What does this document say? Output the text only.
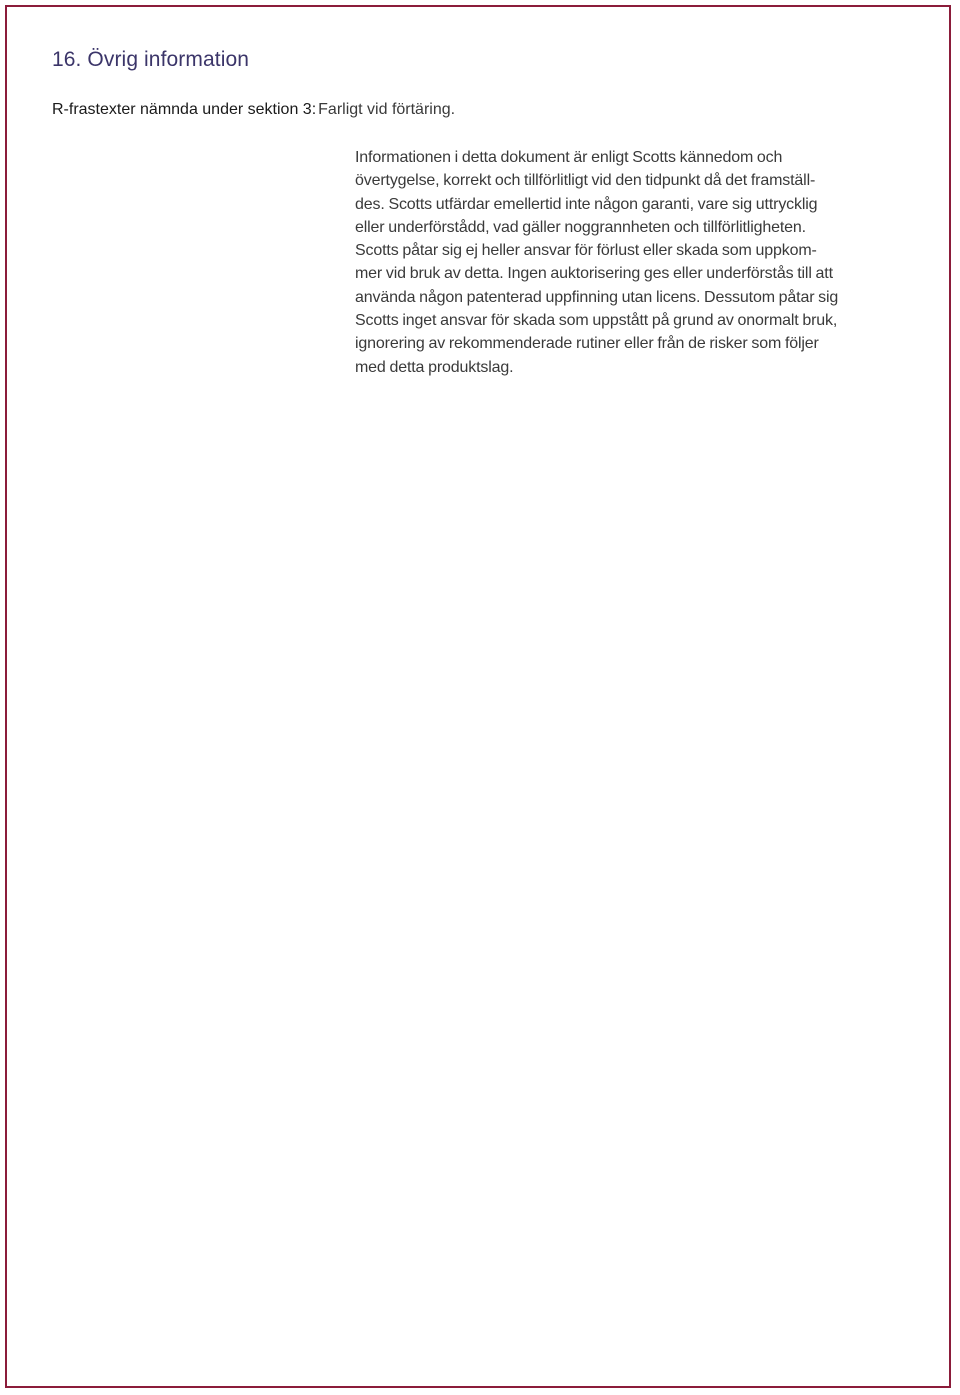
16. Övrig information
R-frastexter nämnda under sektion 3: Farligt vid förtäring.

Informationen i detta dokument är enligt Scotts kännedom och
övertygelse, korrekt och tillförlitligt vid den tidpunkt då det framställ-
des. Scotts utfärdar emellertid inte någon garanti, vare sig uttrycklig
eller underförstådd, vad gäller noggrannheten och tillförlitligheten.
Scotts påtar sig ej heller ansvar för förlust eller skada som uppkom-
mer vid bruk av detta. Ingen auktorisering ges eller underförstås till att
använda någon patenterad uppfinning utan licens. Dessutom påtar sig
Scotts inget ansvar för skada som uppstått på grund av onormalt bruk,
ignorering av rekommenderade rutiner eller från de risker som följer
med detta produktslag.
